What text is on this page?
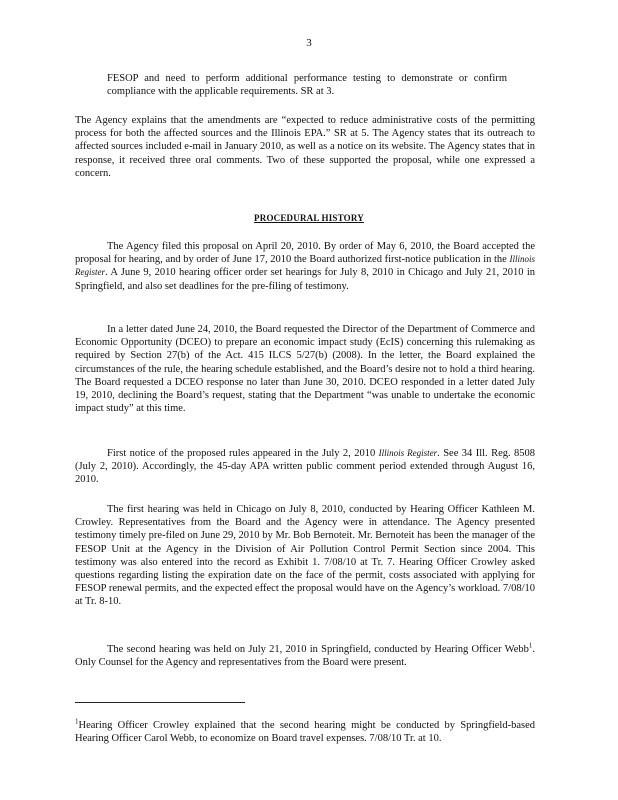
3

FESOP and need to perform additional performance testing to demonstrate or confirm compliance with the applicable requirements. SR at 3.

The Agency explains that the amendments are “expected to reduce administrative costs of the permitting process for both the affected sources and the Illinois EPA.” SR at 5. The Agency states that its outreach to affected sources included e-mail in January 2010, as well as a notice on its website. The Agency states that in response, it received three oral comments. Two of these supported the proposal, while one expressed a concern.

PROCEDURAL HISTORY

The Agency filed this proposal on April 20, 2010. By order of May 6, 2010, the Board accepted the proposal for hearing, and by order of June 17, 2010 the Board authorized first-notice publication in the Illinois Register. A June 9, 2010 hearing officer order set hearings for July 8, 2010 in Chicago and July 21, 2010 in Springfield, and also set deadlines for the pre-filing of testimony.

In a letter dated June 24, 2010, the Board requested the Director of the Department of Commerce and Economic Opportunity (DCEO) to prepare an economic impact study (EcIS) concerning this rulemaking as required by Section 27(b) of the Act. 415 ILCS 5/27(b) (2008). In the letter, the Board explained the circumstances of the rule, the hearing schedule established, and the Board’s desire not to hold a third hearing. The Board requested a DCEO response no later than June 30, 2010. DCEO responded in a letter dated July 19, 2010, declining the Board’s request, stating that the Department “was unable to undertake the economic impact study” at this time.

First notice of the proposed rules appeared in the July 2, 2010 Illinois Register. See 34 Ill. Reg. 8508 (July 2, 2010). Accordingly, the 45-day APA written public comment period extended through August 16, 2010.

The first hearing was held in Chicago on July 8, 2010, conducted by Hearing Officer Kathleen M. Crowley. Representatives from the Board and the Agency were in attendance. The Agency presented testimony timely pre-filed on June 29, 2010 by Mr. Bob Bernoteit. Mr. Bernoteit has been the manager of the FESOP Unit at the Agency in the Division of Air Pollution Control Permit Section since 2004. This testimony was also entered into the record as Exhibit 1. 7/08/10 at Tr. 7. Hearing Officer Crowley asked questions regarding listing the expiration date on the face of the permit, costs associated with applying for FESOP renewal permits, and the expected effect the proposal would have on the Agency’s workload. 7/08/10 at Tr. 8-10.

The second hearing was held on July 21, 2010 in Springfield, conducted by Hearing Officer Webb$^1$. Only Counsel for the Agency and representatives from the Board were present.

$^1$Hearing Officer Crowley explained that the second hearing might be conducted by Springfield-based Hearing Officer Carol Webb, to economize on Board travel expenses. 7/08/10 Tr. at 10.
